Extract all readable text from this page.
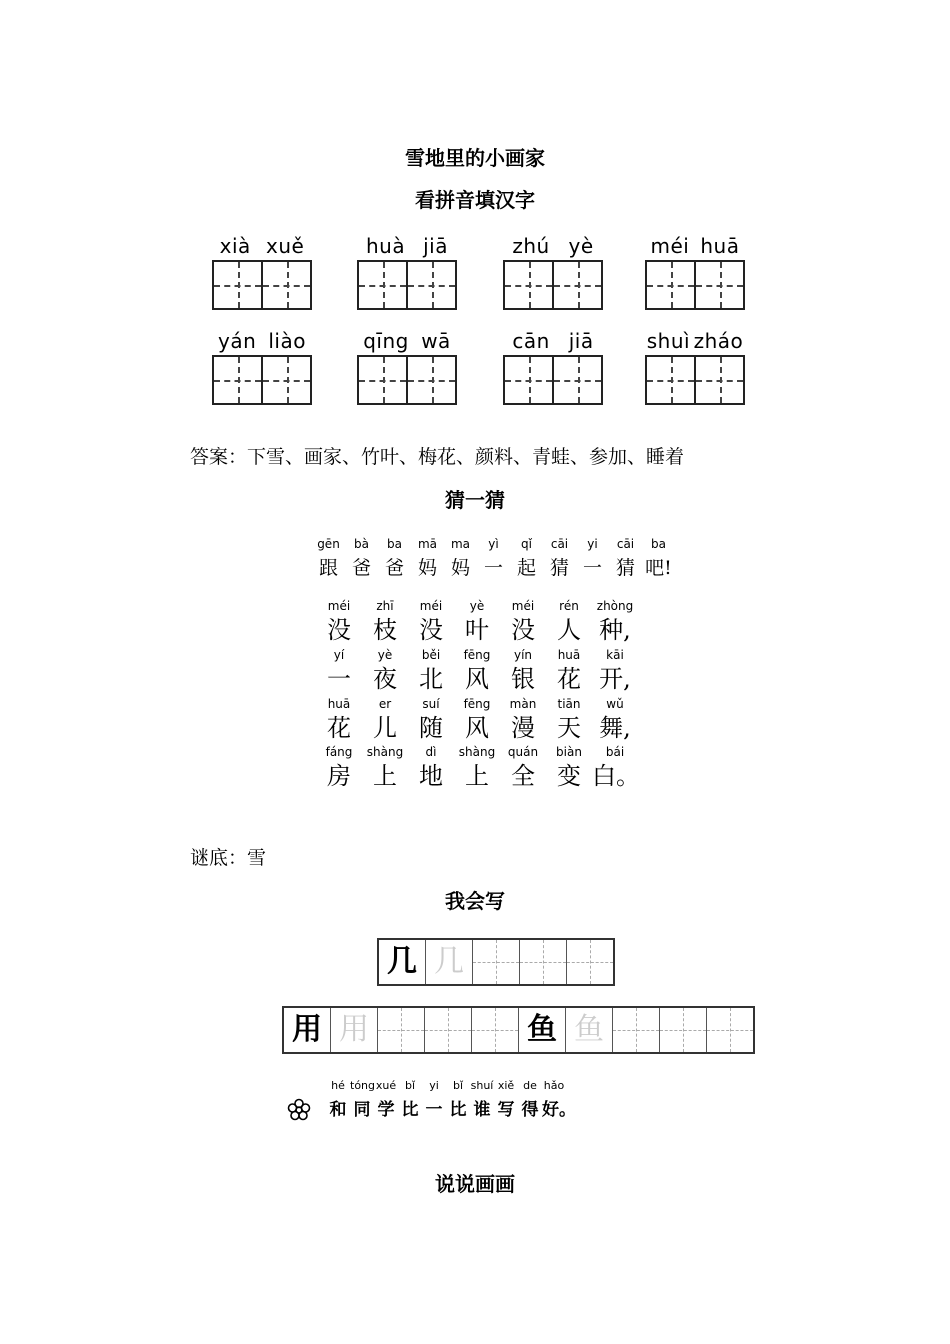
雪地里的小画家
看拼音填汉字
xià xuě	huà jiā	zhú yè	méi huā
yán liào	qīng wā	cān jiā	shuì zháo
答案：下雪、画家、竹叶、梅花、颜料、青蛙、参加、睡着
猜一猜
gēn	bà	ba	mā	ma	yì	qǐ	cāi	yi	cāi	ba
跟 爸 爸 妈 妈 一 起 猜 一 猜 吧!
méi	zhī	méi	yè	méi	rén	zhòng
没 枝 没 叶 没 人 种,
yí	yè	běi	fēng	yín	huā	kāi
一 夜 北 风 银 花 开,
huā	er	suí	fēng	màn	tiān	wǔ
花 儿 随 风 漫 天 舞,
fáng	shàng	dì	shàng	quán	biàn	bái
房 上 地 上 全 变 白。
谜底：雪
我会写
几 几
用 用	鱼 鱼
hé tóng xué bǐ	yi	bǐ shuí xiě de hǎo
和 同 学 比 一 比 谁 写 得 好。
说说画画
